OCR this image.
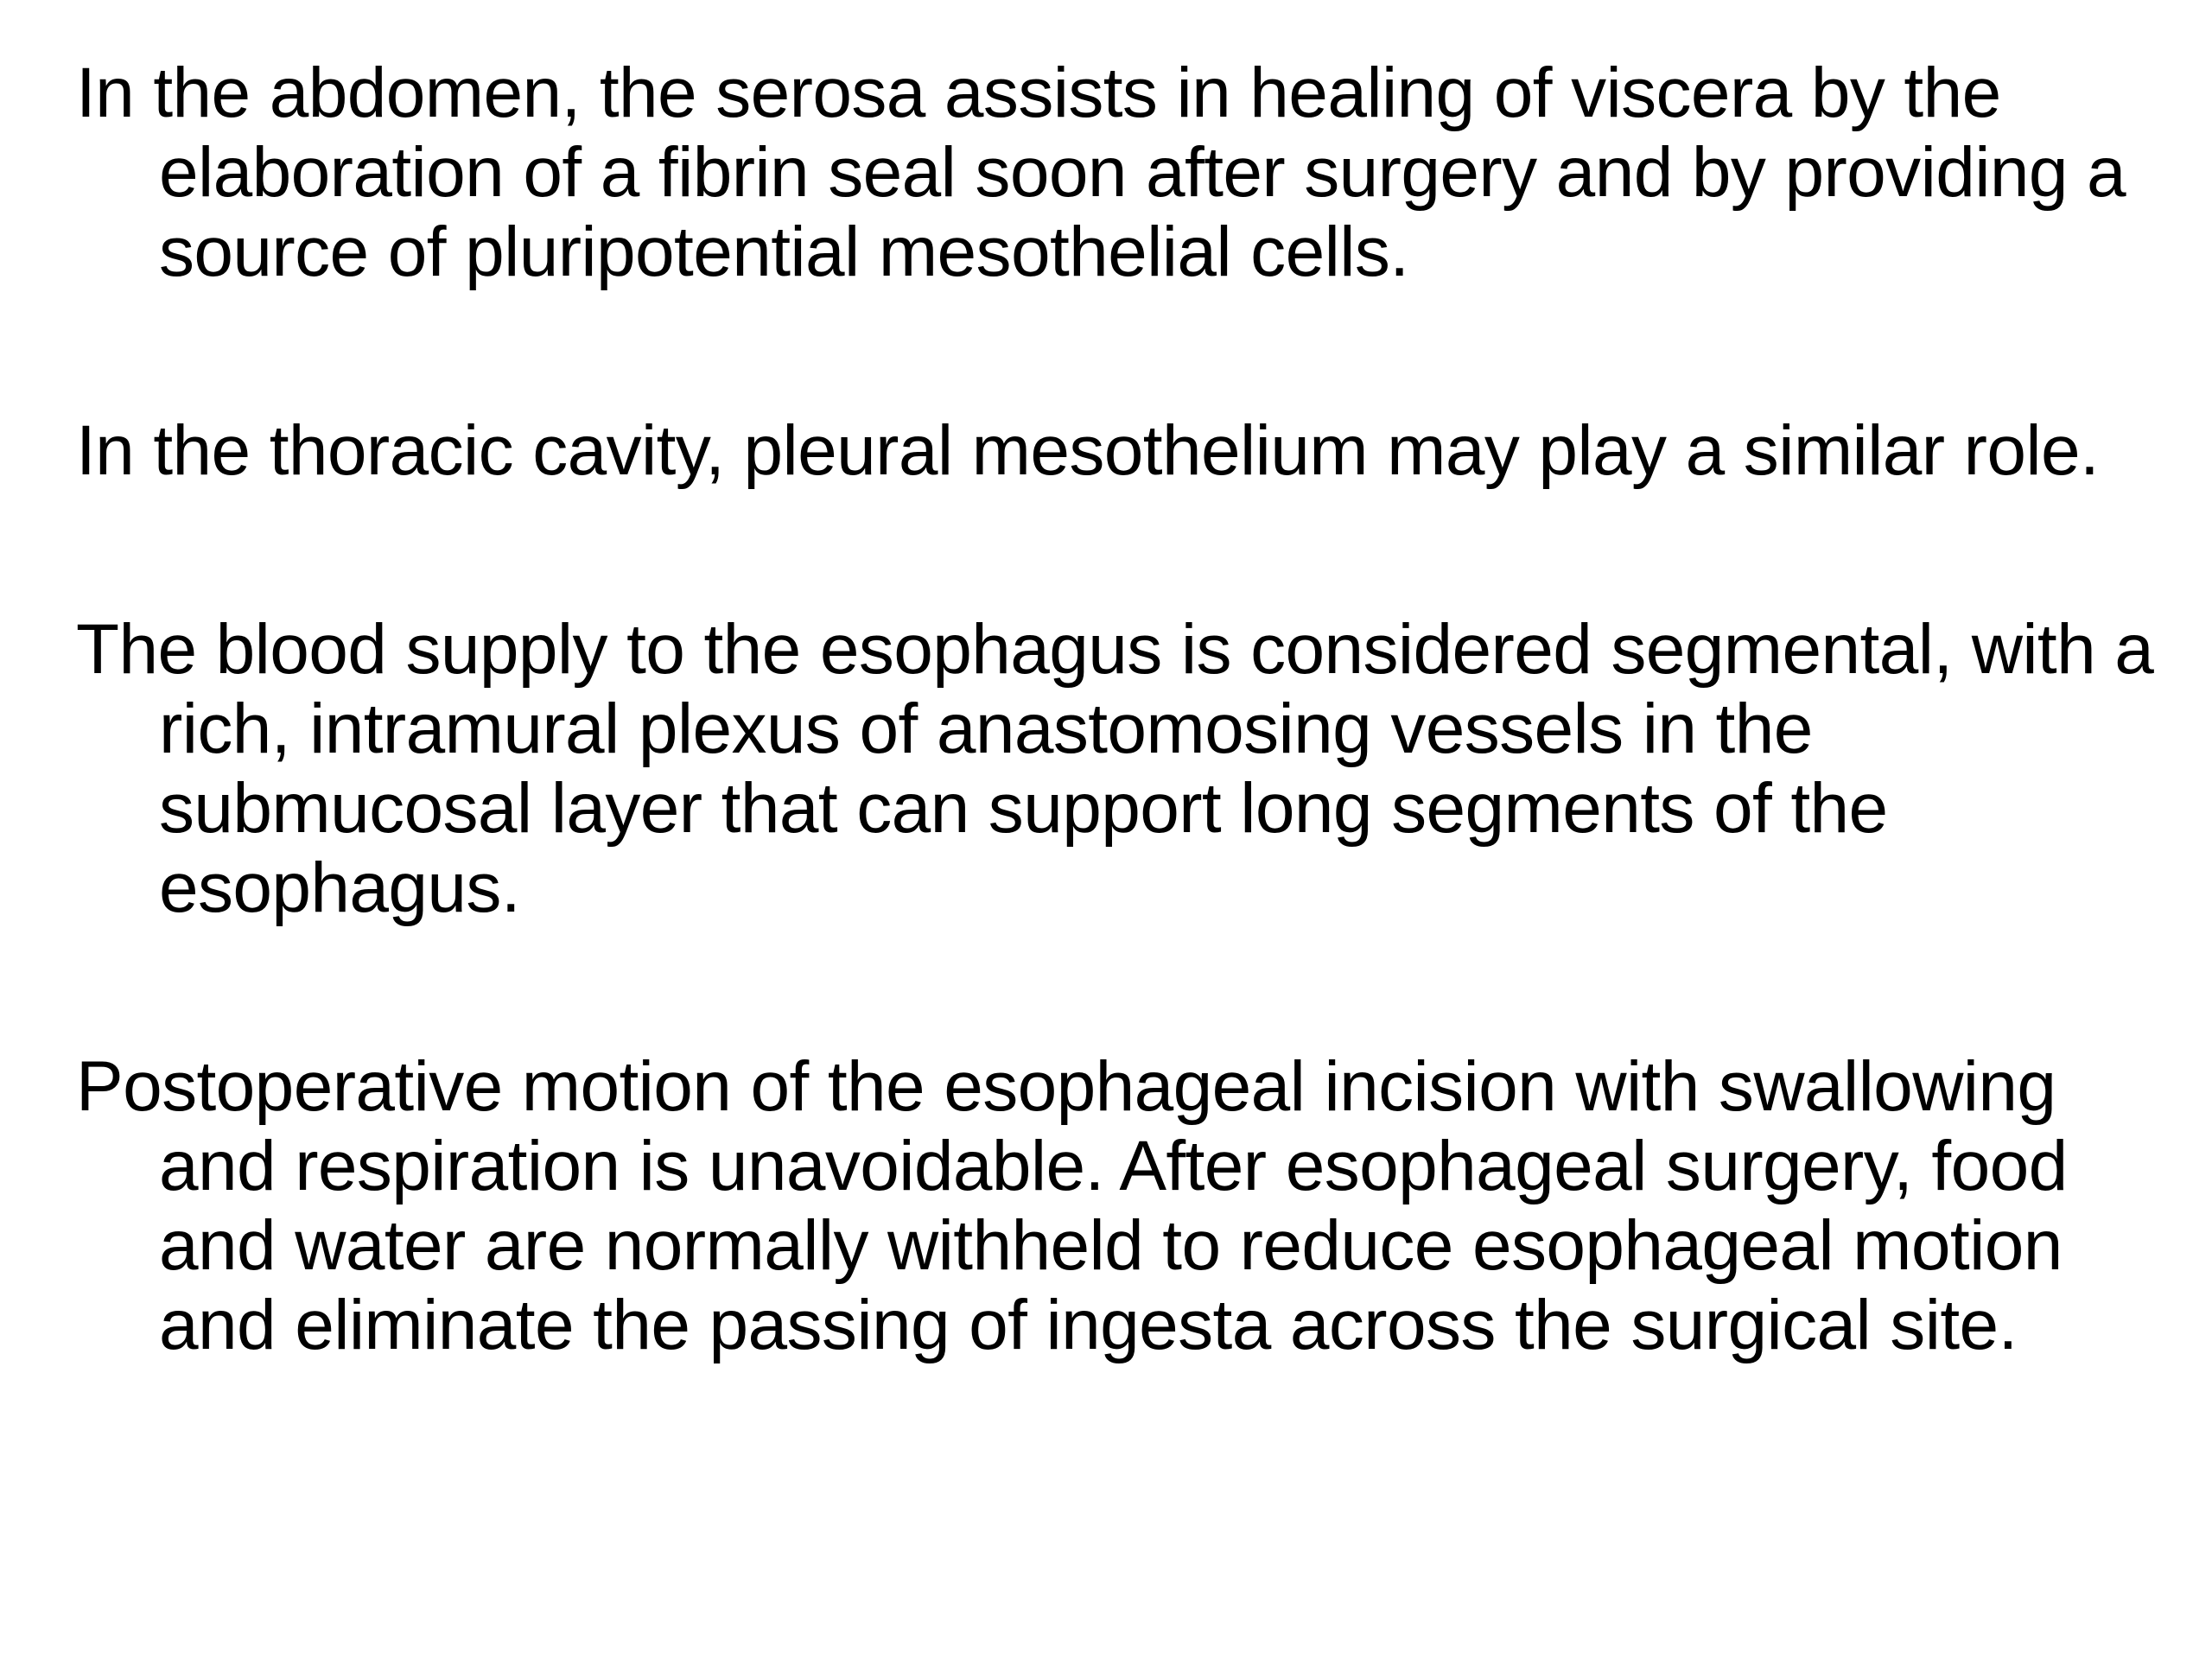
In the abdomen, the serosa assists in healing of viscera by the elaboration of a fibrin seal soon after surgery and by providing a source of pluripotential mesothelial cells.

In the thoracic cavity, pleural mesothelium may play a similar role.

The blood supply to the esophagus is considered segmental, with a rich, intramural plexus of anastomosing vessels in the submucosal layer that can support long segments of the esophagus.

Postoperative motion of the esophageal incision with swallowing and respiration is unavoidable. After esophageal surgery, food and water are normally withheld to reduce esophageal motion and eliminate the passing of ingesta across the surgical site.
